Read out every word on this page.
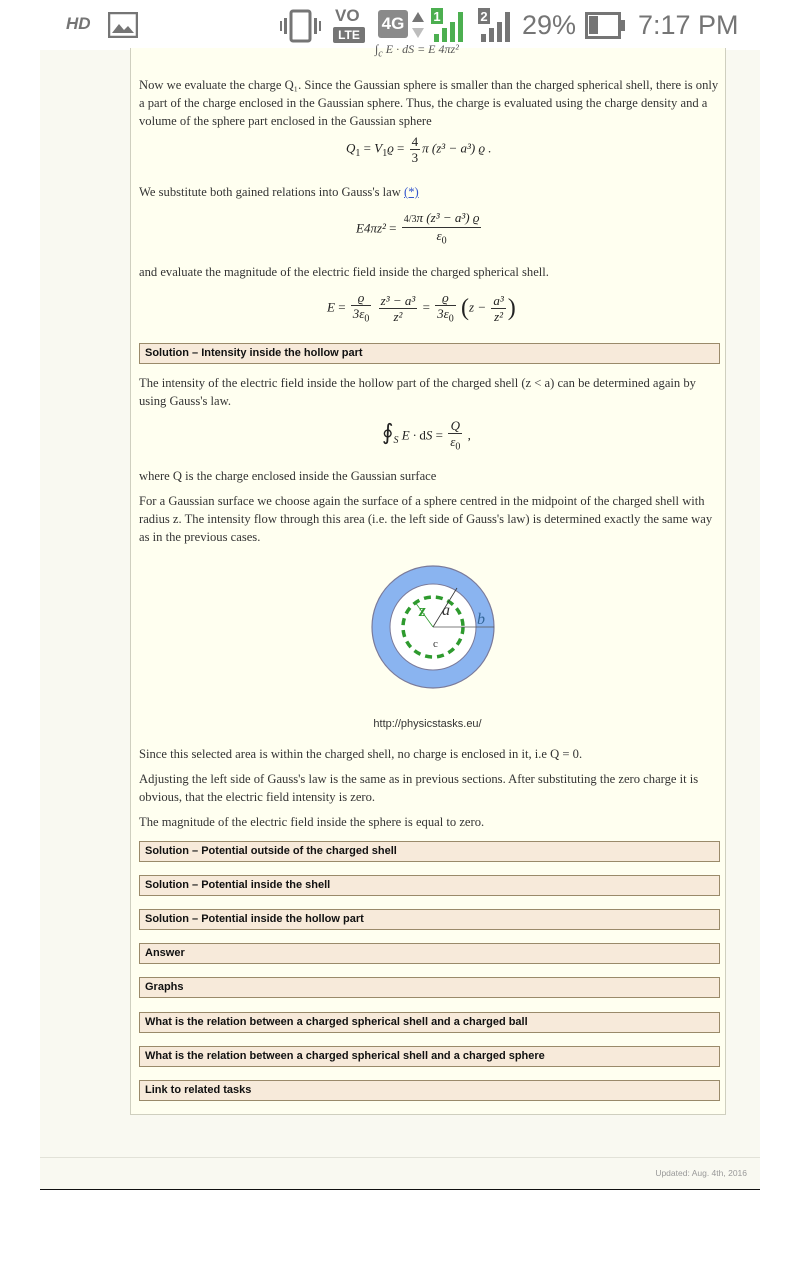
HD	VO
LTE
4G 1	2 29% 7:17 PM
$\int_c$ E · dS = E 4πz²
Now we evaluate the charge Q₁. Since the Gaussian sphere is smaller than the charged spherical shell, there is only a part of the charge enclosed in the Gaussian sphere. Thus, the charge is evaluated using the charge density and a volume of the sphere part enclosed in the Gaussian sphere
$Q_1 = V_1ϱ = \frac{4}{3}$ π (z³ − a³) ϱ .
We substitute both gained relations into Gauss's law (*)
$E4\pi z^2 = \frac{\text{4/3π (z³ − a³) ϱ}}{\varepsilon_0}$
and evaluate the magnitude of the electric field inside the charged spherical shell.
$E = \frac{ϱ}{3\varepsilon_0}$
$\frac{\text{z³ − a³}}{\text{z²}} = \frac{ϱ}{3\varepsilon_0} (z - \frac{\text{a³}}{\text{z²}}$ )
Solution – Intensity inside the hollow part
The intensity of the electric field inside the hollow part of the charged shell (z < a) can be determined again by using Gauss's law.
$∮_S$ E · dS = $\frac{Q}{\varepsilon_0}$ ,
where Q is the charge enclosed inside the Gaussian surface
For a Gaussian surface we choose again the surface of a sphere centred in the midpoint of the charged shell with radius z. The intensity flow through this area (i.e. the left side of Gauss's law) is determined exactly the same way as in the previous cases.
z a
b
c
http://physicstasks.eu/
Since this selected area is within the charged shell, no charge is enclosed in it, i.e Q = 0.
Adjusting the left side of Gauss's law is the same as in previous sections. After substituting the zero charge it is obvious, that the electric field intensity is zero.
The magnitude of the electric field inside the sphere is equal to zero.
Solution – Potential outside of the charged shell
Solution – Potential inside the shell
Solution – Potential inside the hollow part
Answer
Graphs
What is the relation between a charged spherical shell and a charged ball
What is the relation between a charged spherical shell and a charged sphere
Link to related tasks
Updated: Aug. 4th, 2016
